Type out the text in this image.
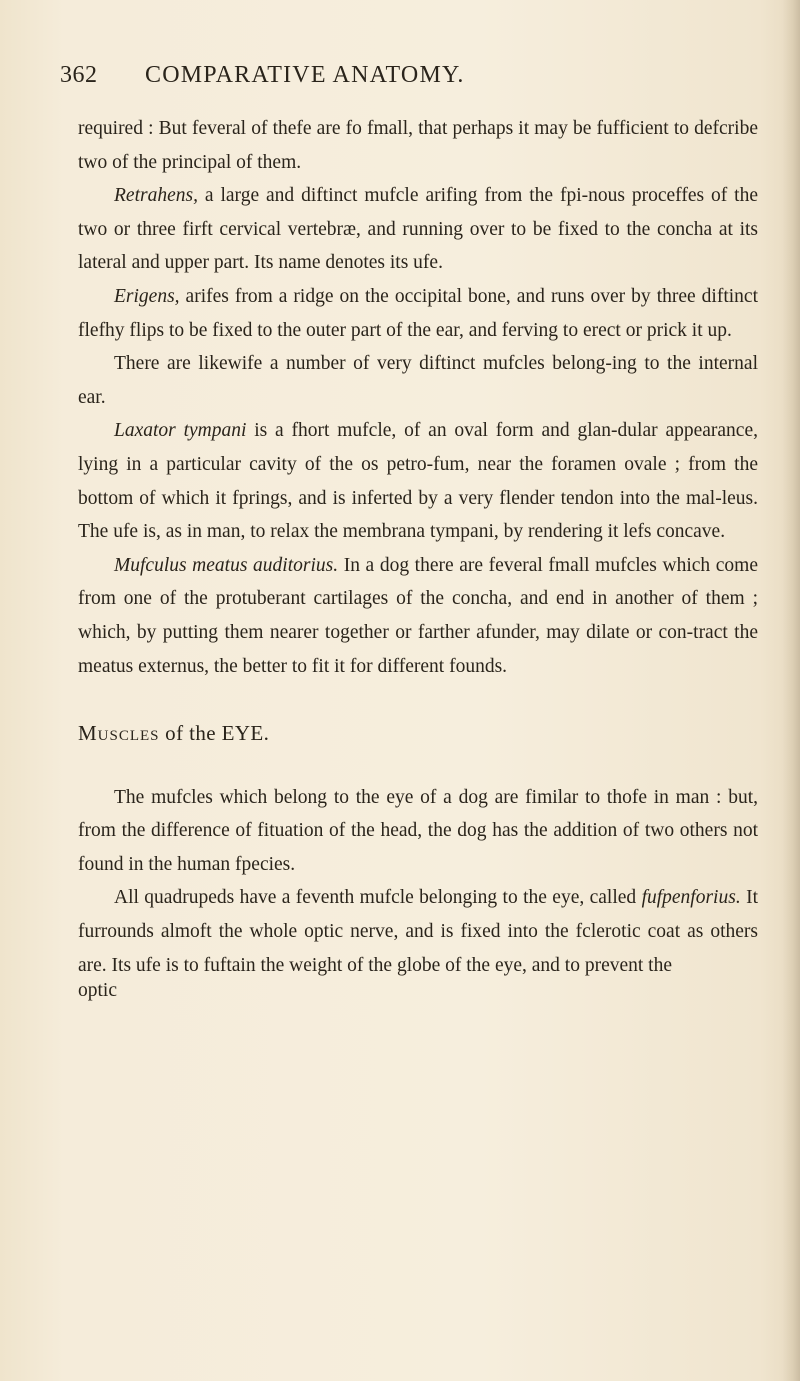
362 COMPARATIVE ANATOMY.

required : But feveral of thefe are fo fmall, that perhaps it may be fufficient to defcribe two of the principal of them.

Retrahens, a large and diftinct mufcle arifing from the fpi-nous proceffes of the two or three firft cervical vertebræ, and running over to be fixed to the concha at its lateral and upper part. Its name denotes its ufe.

Erigens, arifes from a ridge on the occipital bone, and runs over by three diftinct flefhy flips to be fixed to the outer part of the ear, and ferving to erect or prick it up.

There are likewife a number of very diftinct mufcles belong-ing to the internal ear.

Laxator tympani is a fhort mufcle, of an oval form and glan-dular appearance, lying in a particular cavity of the os petro-fum, near the foramen ovale ; from the bottom of which it fprings, and is inferted by a very flender tendon into the mal-leus. The ufe is, as in man, to relax the membrana tympani, by rendering it lefs concave.

Mufculus meatus auditorius. In a dog there are feveral fmall mufcles which come from one of the protuberant cartilages of the concha, and end in another of them ; which, by putting them nearer together or farther afunder, may dilate or con-tract the meatus externus, the better to fit it for different founds.

Muscles of the EYE.

The mufcles which belong to the eye of a dog are fimilar to thofe in man : but, from the difference of fituation of the head, the dog has the addition of two others not found in the human fpecies.

All quadrupeds have a feventh mufcle belonging to the eye, called fufpenforius. It furrounds almoft the whole optic nerve, and is fixed into the fclerotic coat as others are. Its ufe is to fuftain the weight of the globe of the eye, and to prevent the

optic
